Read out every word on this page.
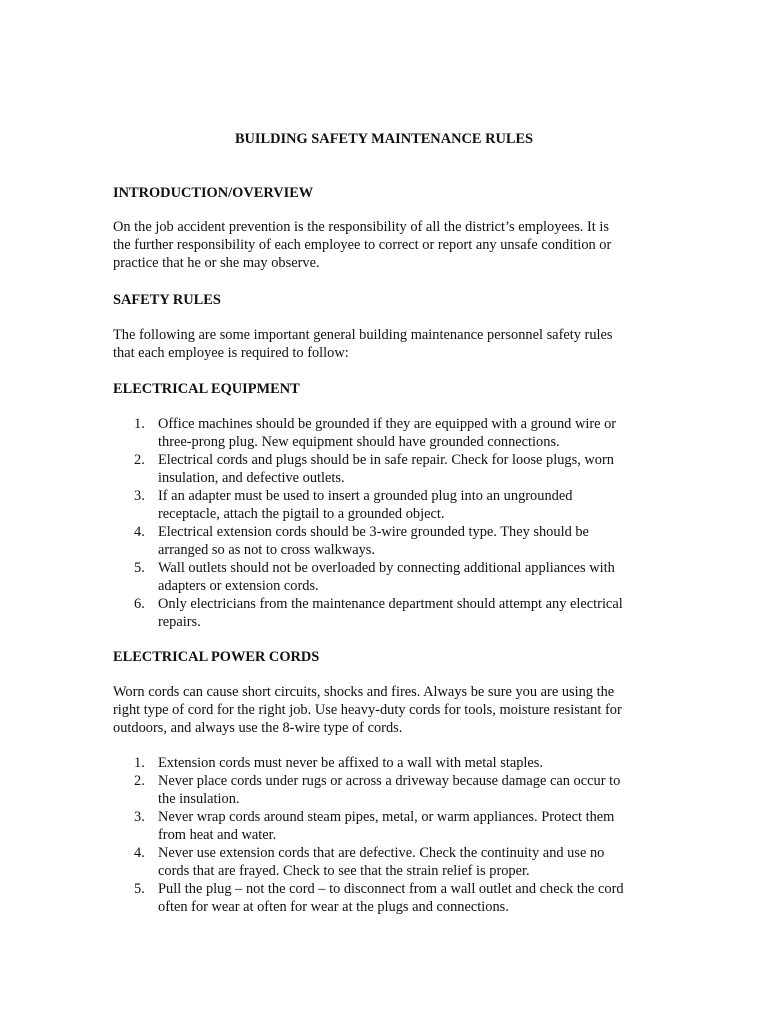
BUILDING SAFETY MAINTENANCE RULES
INTRODUCTION/OVERVIEW

On the job accident prevention is the responsibility of all the district’s employees. It is
the further responsibility of each employee to correct or report any unsafe condition or
practice that he or she may observe.

SAFETY RULES

The following are some important general building maintenance personnel safety rules
that each employee is required to follow:

ELECTRICAL EQUIPMENT
1. Office machines should be grounded if they are equipped with a ground wire or
three-prong plug. New equipment should have grounded connections.
2. Electrical cords and plugs should be in safe repair. Check for loose plugs, worn
insulation, and defective outlets.
3. If an adapter must be used to insert a grounded plug into an ungrounded
receptacle, attach the pigtail to a grounded object.
4. Electrical extension cords should be 3-wire grounded type. They should be
arranged so as not to cross walkways.
5. Wall outlets should not be overloaded by connecting additional appliances with
adapters or extension cords.
6. Only electricians from the maintenance department should attempt any electrical
repairs.
ELECTRICAL POWER CORDS

Worn cords can cause short circuits, shocks and fires. Always be sure you are using the
right type of cord for the right job. Use heavy-duty cords for tools, moisture resistant for
outdoors, and always use the 8-wire type of cords.

1. Extension cords must never be affixed to a wall with metal staples.
2. Never place cords under rugs or across a driveway because damage can occur to
the insulation.
3. Never wrap cords around steam pipes, metal, or warm appliances. Protect them
from heat and water.
4. Never use extension cords that are defective. Check the continuity and use no
cords that are frayed. Check to see that the strain relief is proper.
5. Pull the plug – not the cord – to disconnect from a wall outlet and check the cord
often for wear at often for wear at the plugs and connections.
